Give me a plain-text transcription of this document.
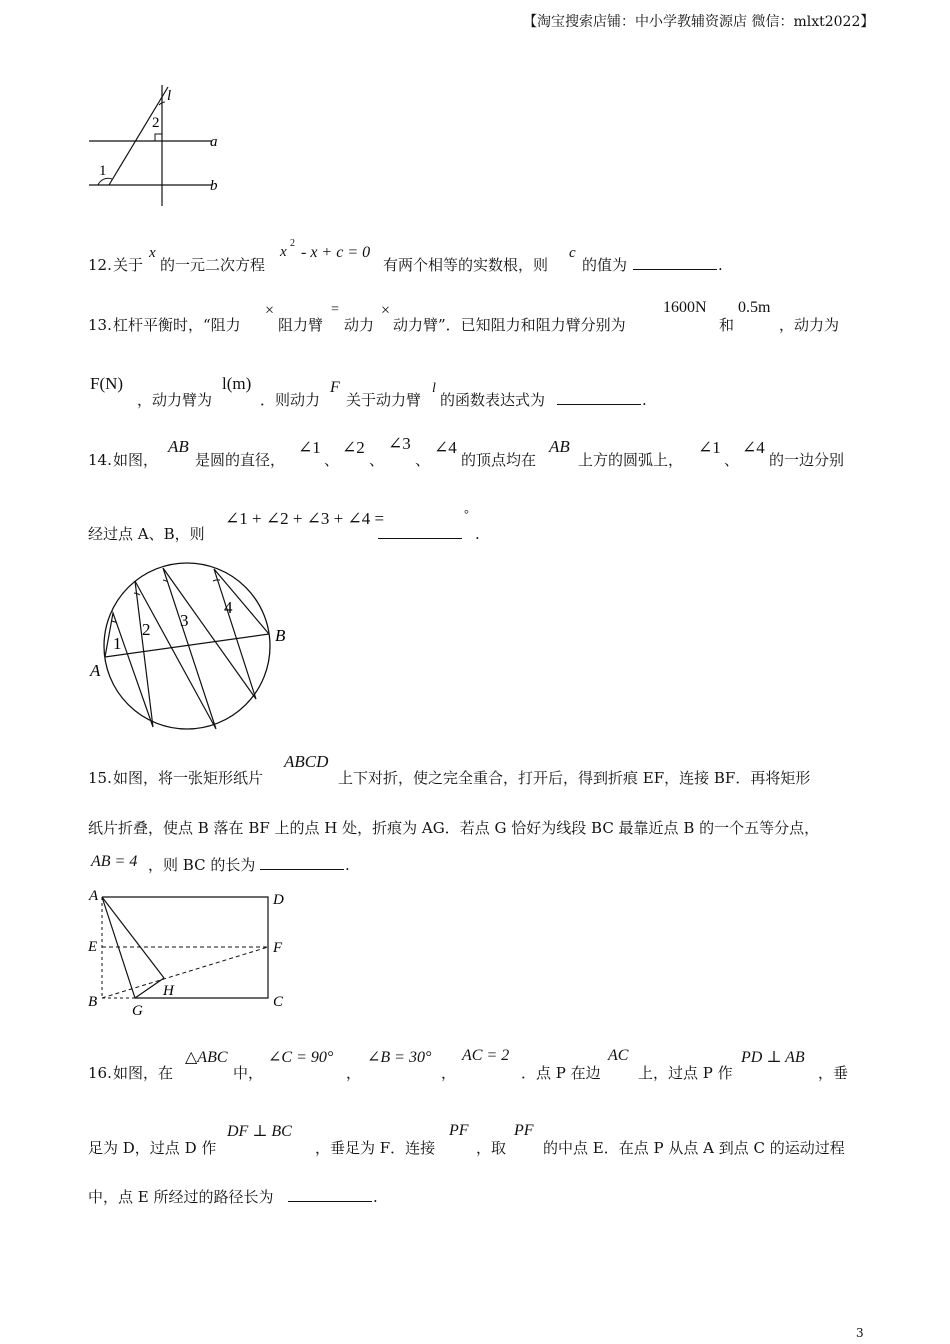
【淘宝搜索店铺：中小学教辅资源店 微信：mlxt2022】
l
2
a
1
b
12. 关于
x
的一元二次方程
x
2
- x + c = 0
有两个相等的实数根，则
c
的值为	.
13. 杠杆平衡时，“阻力
×
阻力臂
=
动力
×
动力臂”．已知阻力和阻力臂分别为
1600N
和
0.5m
，动力为
F(N)
，动力臂为
l(m)
．则动力
F
关于动力臂
l
的函数表达式为	.
14. 如图，
AB
是圆的直径，
∠1
、
∠2
、
∠3
、
∠4
的顶点均在
AB
上方的圆弧上，
∠1
、
∠4
的一边分别
经过点 A、B，则
∠1 + ∠2 + ∠3 + ∠4 =	°
.
1
2 3
4
A
B
15. 如图，将一张矩形纸片
ABCD
上下对折，使之完全重合，打开后，得到折痕 EF，连接 BF．再将矩形
纸片折叠，使点 B 落在 BF 上的点 H 处，折痕为 AG．若点 G 恰好为线段 BC 最靠近点 B 的一个五等分点，
AB = 4 ，则 BC 的长为	.
A	D
E	F
B
H
G
C
16. 如图，在
△ABC
中，
∠C = 90°
，
∠B = 30°
，
AC = 2
．点 P 在边
AC
上，过点 P 作
PD ⊥ AB
，垂
足为 D，过点 D 作
DF ⊥ BC
，垂足为 F．连接
PF
，取
PF
的中点 E．在点 P 从点 A 到点 C 的运动过程
中，点 E 所经过的路径长为	.
3
